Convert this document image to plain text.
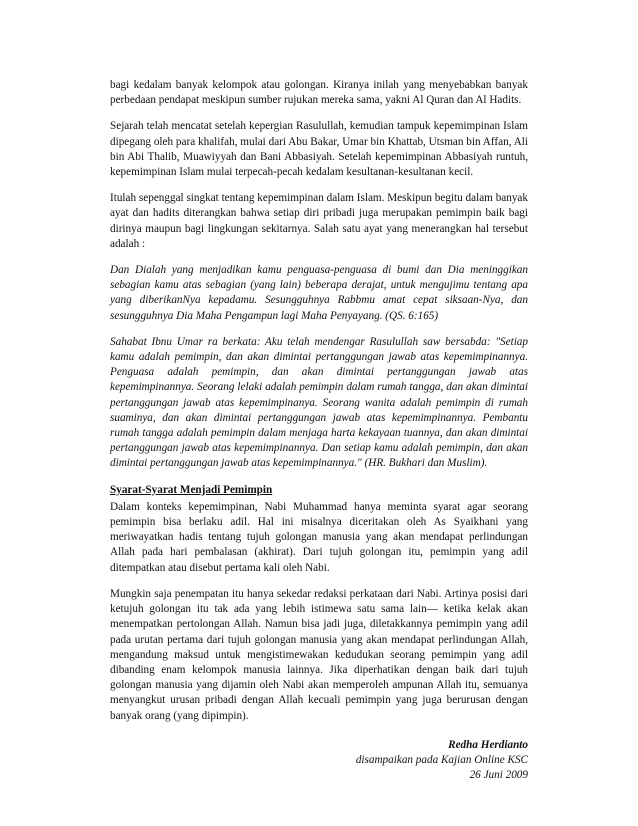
bagi kedalam banyak kelompok atau golongan. Kiranya inilah yang menyebabkan banyak perbedaan pendapat meskipun sumber rujukan mereka sama, yakni Al Quran dan Al Hadits.

Sejarah telah mencatat setelah kepergian Rasulullah, kemudian tampuk kepemimpinan Islam dipegang oleh para khalifah, mulai dari Abu Bakar, Umar bin Khattab, Utsman bin Affan, Ali bin Abi Thalib, Muawiyyah dan Bani Abbasiyah. Setelah kepemimpinan Abbasiyah runtuh, kepemimpinan Islam mulai terpecah-pecah kedalam kesultanan-kesultanan kecil.

Itulah sepenggal singkat tentang kepemimpinan dalam Islam. Meskipun begitu dalam banyak ayat dan hadits diterangkan bahwa setiap diri pribadi juga merupakan pemimpin baik bagi dirinya maupun bagi lingkungan sekitarnya. Salah satu ayat yang menerangkan hal tersebut adalah :

Dan Dialah yang menjadikan kamu penguasa-penguasa di bumi dan Dia meninggikan sebagian kamu atas sebagian (yang lain) beberapa derajat, untuk mengujimu tentang apa yang diberikanNya kepadamu. Sesungguhnya Rabbmu amat cepat siksaan-Nya, dan sesungguhnya Dia Maha Pengampun lagi Maha Penyayang. (QS. 6:165)

Sahabat Ibnu Umar ra berkata: Aku telah mendengar Rasulullah saw bersabda: "Setiap kamu adalah pemimpin, dan akan dimintai pertanggungan jawab atas kepemimpinannya. Penguasa adalah pemimpin, dan akan dimintai pertanggungan jawab atas kepemimpinannya. Seorang lelaki adalah pemimpin dalam rumah tangga, dan akan dimintai pertanggungan jawab atas kepemimpinanya. Seorang wanita adalah pemimpin di rumah suaminya, dan akan dimintai pertanggungan jawab atas kepemimpinannya. Pembantu rumah tangga adalah pemimpin dalam menjaga harta kekayaan tuannya, dan akan dimintai pertanggungan jawab atas kepemimpinannya. Dan setiap kamu adalah pemimpin, dan akan dimintai pertanggungan jawab atas kepemimpinannya." (HR. Bukhari dan Muslim).

Syarat-Syarat Menjadi Pemimpin

Dalam konteks kepemimpinan, Nabi Muhammad hanya meminta syarat agar seorang pemimpin bisa berlaku adil. Hal ini misalnya diceritakan oleh As Syaikhani yang meriwayatkan hadis tentang tujuh golongan manusia yang akan mendapat perlindungan Allah pada hari pembalasan (akhirat). Dari tujuh golongan itu, pemimpin yang adil ditempatkan atau disebut pertama kali oleh Nabi.

Mungkin saja penempatan itu hanya sekedar redaksi perkataan dari Nabi. Artinya posisi dari ketujuh golongan itu tak ada yang lebih istimewa satu sama lain— ketika kelak akan menempatkan pertolongan Allah. Namun bisa jadi juga, diletakkannya pemimpin yang adil pada urutan pertama dari tujuh golongan manusia yang akan mendapat perlindungan Allah, mengandung maksud untuk mengistimewakan kedudukan seorang pemimpin yang adil dibanding enam kelompok manusia lainnya. Jika diperhatikan dengan baik dari tujuh golongan manusia yang dijamin oleh Nabi akan memperoleh ampunan Allah itu, semuanya menyangkut urusan pribadi dengan Allah kecuali pemimpin yang juga berurusan dengan banyak orang (yang dipimpin).

Redha Herdianto
disampaikan pada Kajian Online KSC
26 Juni 2009
